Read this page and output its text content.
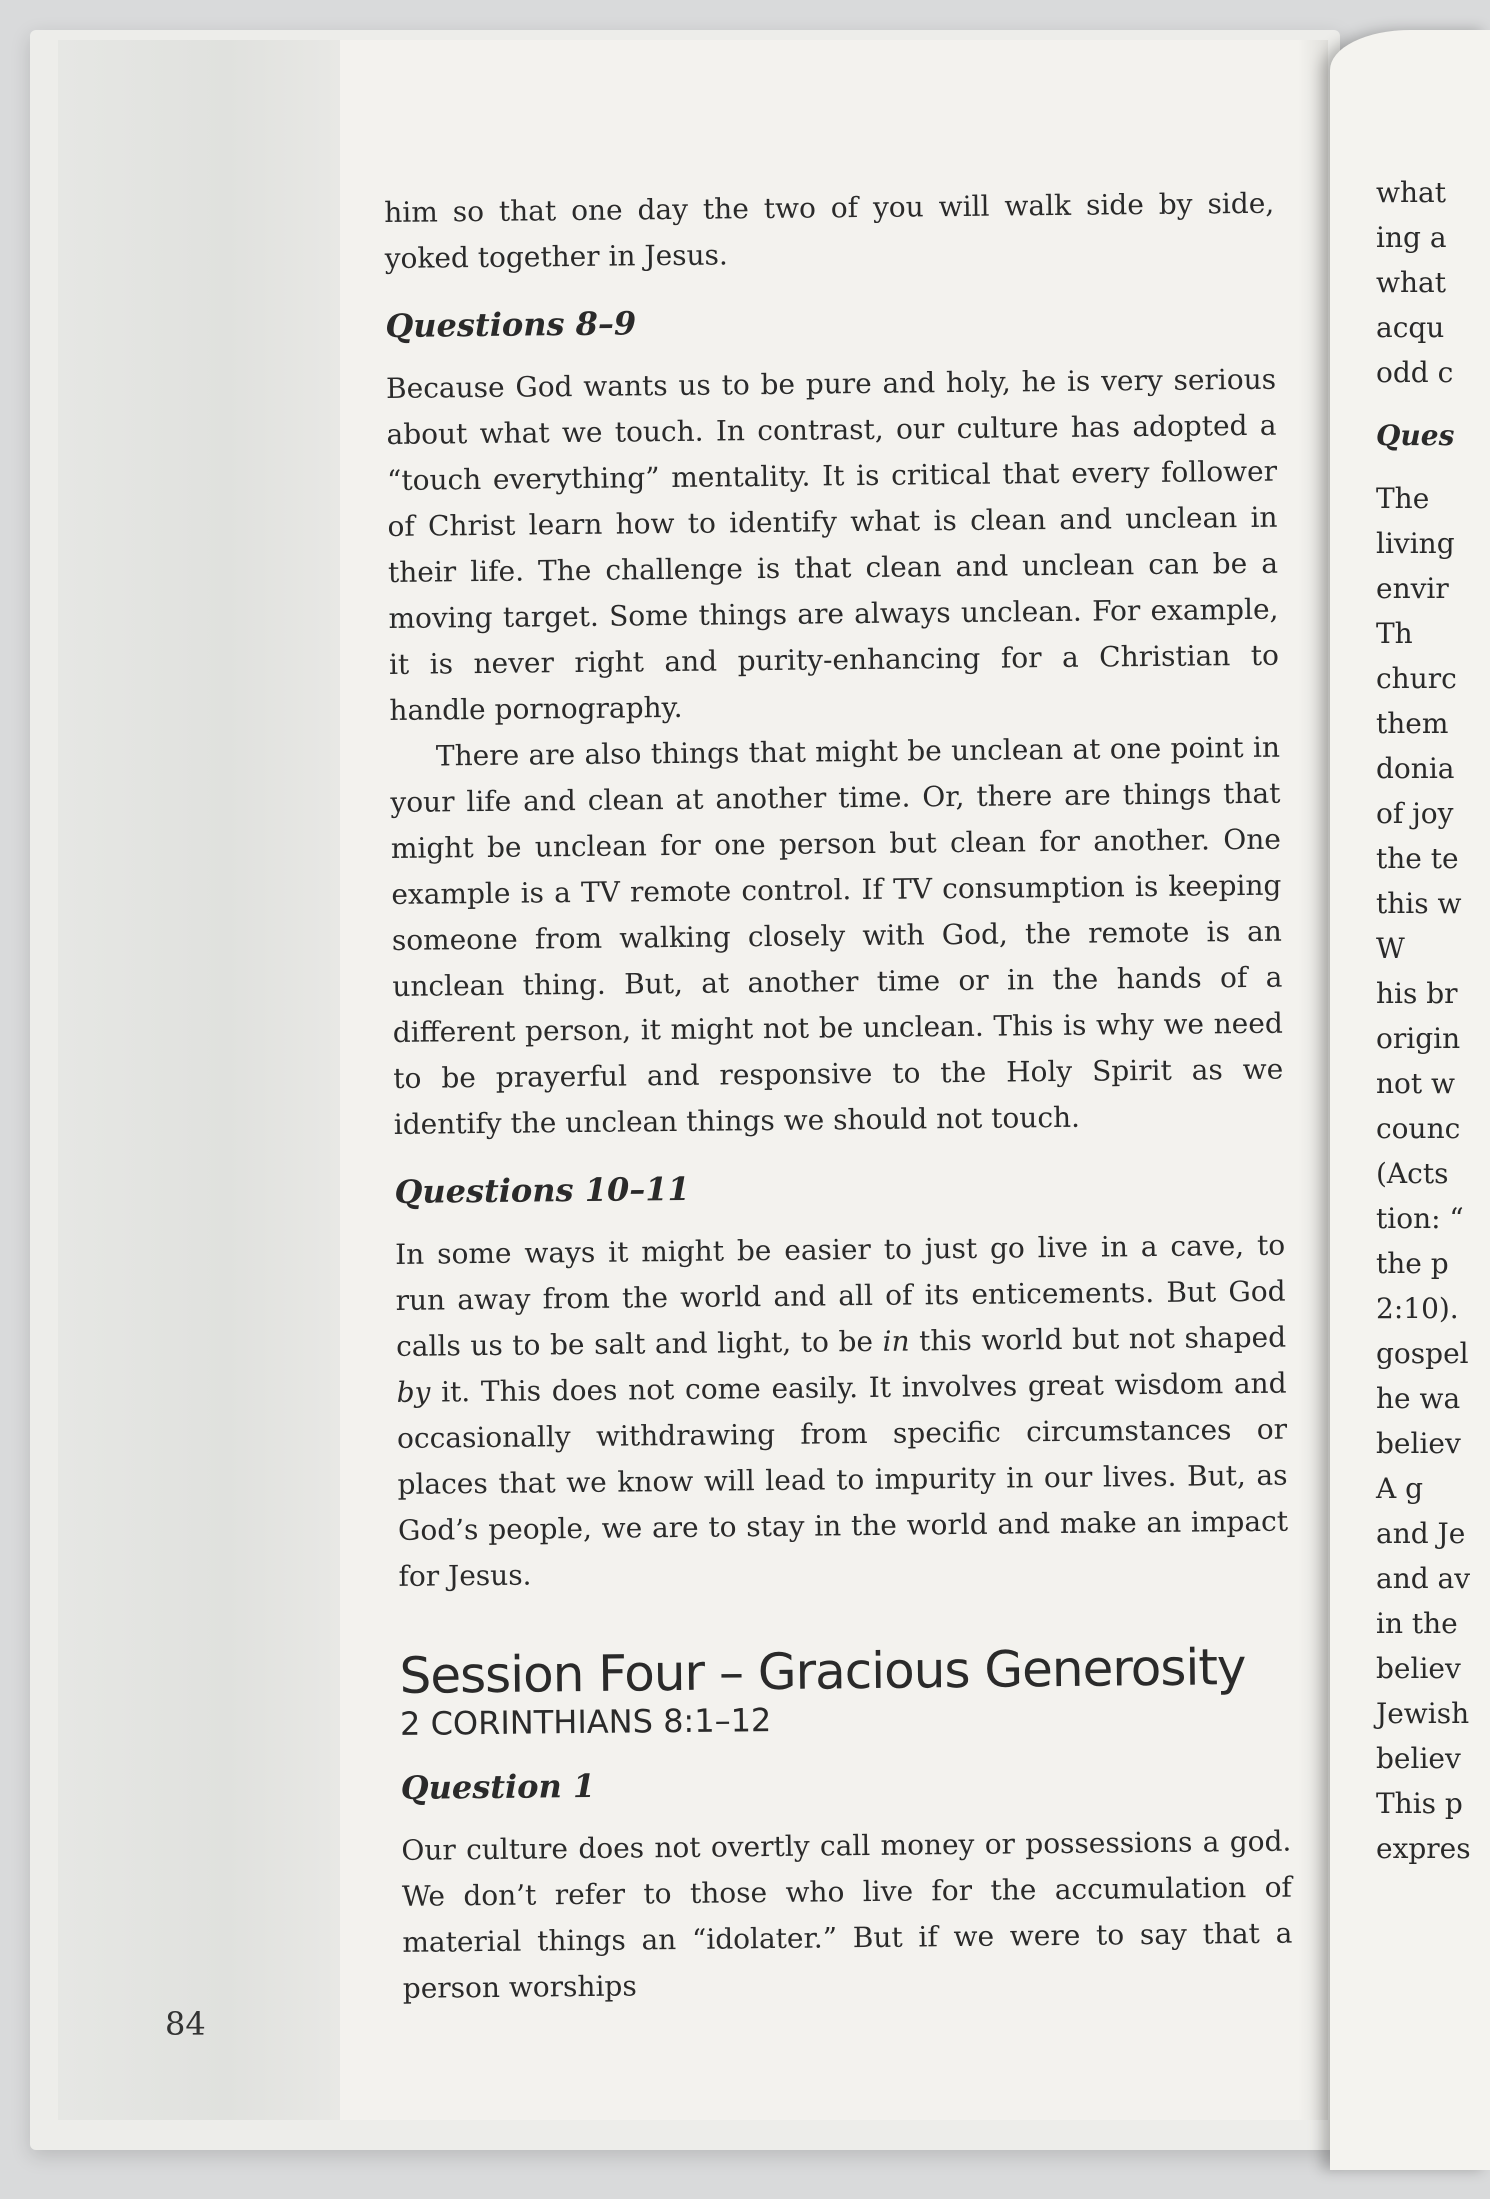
him so that one day the two of you will walk side by side, yoked together in Jesus.

Questions 8–9

Because God wants us to be pure and holy, he is very serious about what we touch. In contrast, our culture has adopted a “touch everything” mentality. It is critical that every follower of Christ learn how to identify what is clean and unclean in their life. The challenge is that clean and unclean can be a moving target. Some things are always unclean. For example, it is never right and purity-enhancing for a Christian to handle pornography.

There are also things that might be unclean at one point in your life and clean at another time. Or, there are things that might be unclean for one person but clean for another. One example is a TV remote control. If TV consumption is keeping someone from walking closely with God, the remote is an unclean thing. But, at another time or in the hands of a different person, it might not be unclean. This is why we need to be prayerful and responsive to the Holy Spirit as we identify the unclean things we should not touch.

Questions 10–11

In some ways it might be easier to just go live in a cave, to run away from the world and all of its enticements. But God calls us to be salt and light, to be in this world but not shaped by it. This does not come easily. It involves great wisdom and occasionally withdrawing from specific circumstances or places that we know will lead to impurity in our lives. But, as God’s people, we are to stay in the world and make an impact for Jesus.

Session Four – Gracious Generosity
2 CORINTHIANS 8:1–12
Question 1

Our culture does not overtly call money or possessions a god. We don’t refer to those who live for the accumulation of material things an “idolater.” But if we were to say that a person worships

84
what
ing a
what
acqu
odd c
Ques
The
living
envir
Th
churc
them
donia
of joy
the te
this w
W
his br
origin
not w
counc
(Acts
tion: “
the p
2:10).
gospel
he wa
believ
A g
and Je
and av
in the
believ
Jewish
believ
This p
expres
